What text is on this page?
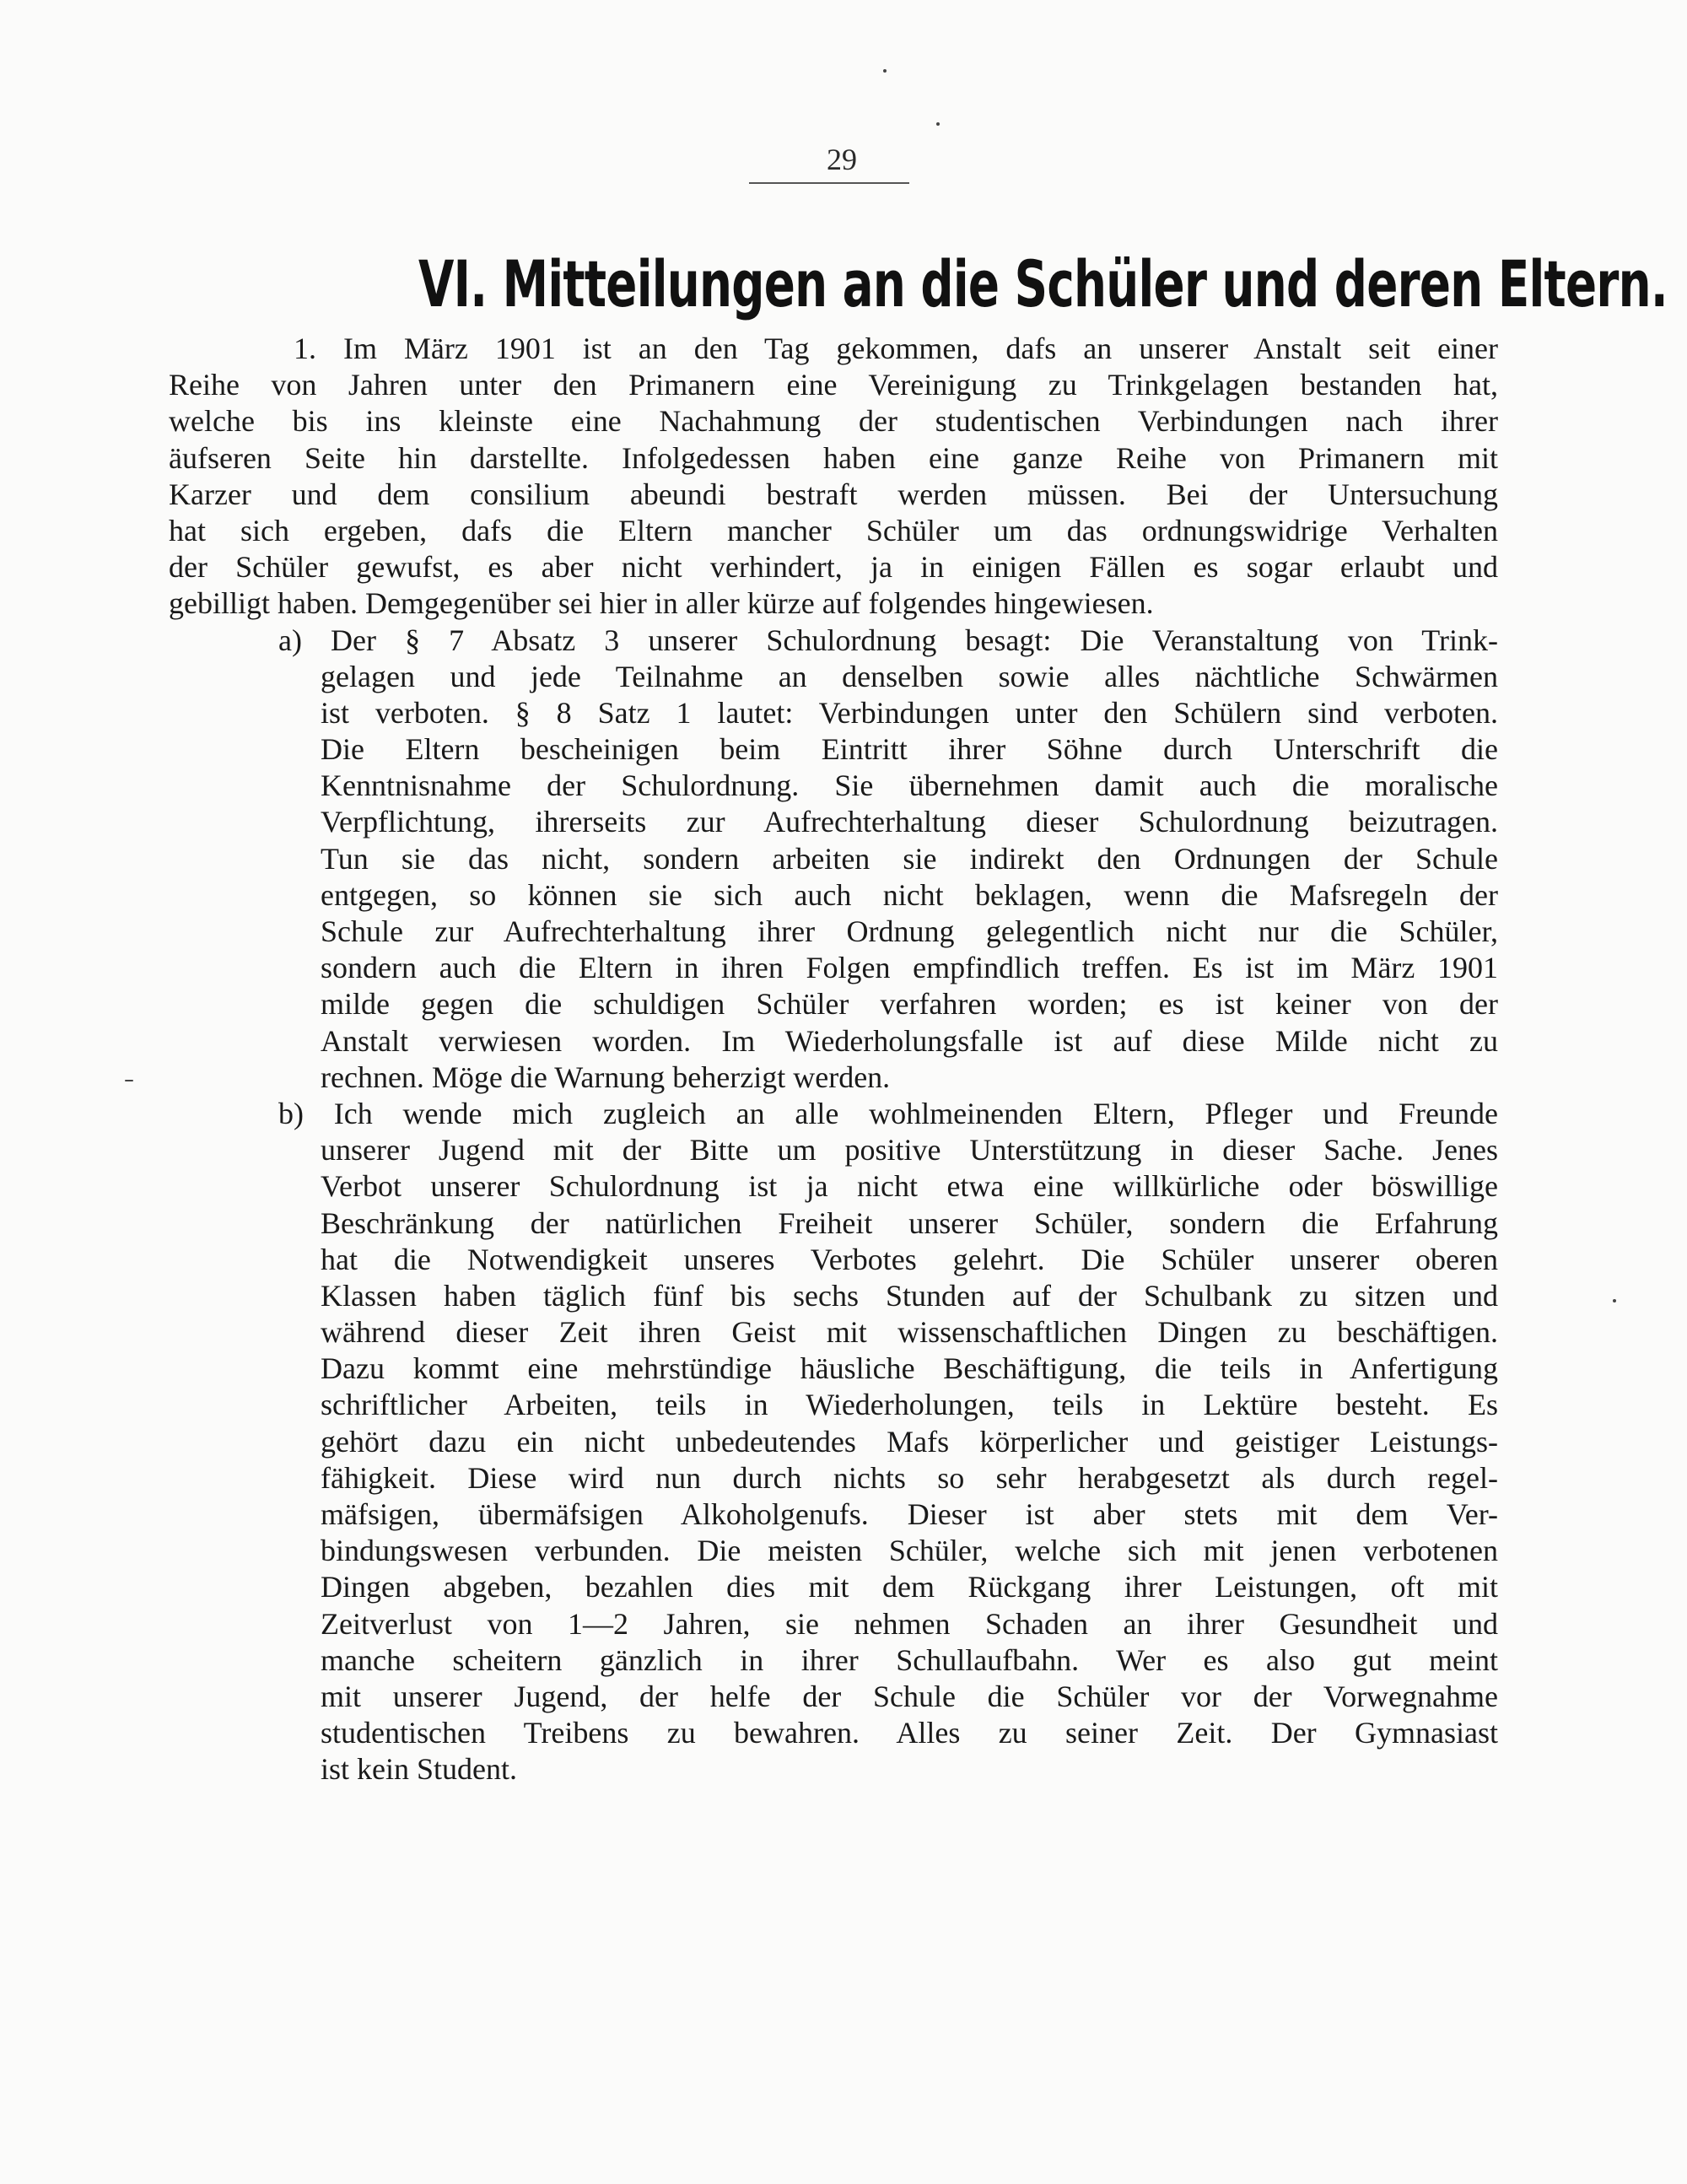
29
VI. Mitteilungen an die Schüler und deren Eltern.
1. Im März 1901 ist an den Tag gekommen, dafs an unserer Anstalt seit einer
Reihe von Jahren unter den Primanern eine Vereinigung zu Trinkgelagen bestanden hat,
welche bis ins kleinste eine Nachahmung der studentischen Verbindungen nach ihrer
äufseren Seite hin darstellte. Infolgedessen haben eine ganze Reihe von Primanern mit
Karzer und dem consilium abeundi bestraft werden müssen. Bei der Untersuchung
hat sich ergeben, dafs die Eltern mancher Schüler um das ordnungswidrige Verhalten
der Schüler gewufst, es aber nicht verhindert, ja in einigen Fällen es sogar erlaubt und
gebilligt haben. Demgegenüber sei hier in aller kürze auf folgendes hingewiesen.
a) Der § 7 Absatz 3 unserer Schulordnung besagt: Die Veranstaltung von Trink-
gelagen und jede Teilnahme an denselben sowie alles nächtliche Schwärmen
ist verboten. § 8 Satz 1 lautet: Verbindungen unter den Schülern sind verboten.
Die Eltern bescheinigen beim Eintritt ihrer Söhne durch Unterschrift die
Kenntnisnahme der Schulordnung. Sie übernehmen damit auch die moralische
Verpflichtung, ihrerseits zur Aufrechterhaltung dieser Schulordnung beizutragen.
Tun sie das nicht, sondern arbeiten sie indirekt den Ordnungen der Schule
entgegen, so können sie sich auch nicht beklagen, wenn die Mafsregeln der
Schule zur Aufrechterhaltung ihrer Ordnung gelegentlich nicht nur die Schüler,
sondern auch die Eltern in ihren Folgen empfindlich treffen. Es ist im März 1901
milde gegen die schuldigen Schüler verfahren worden; es ist keiner von der
Anstalt verwiesen worden. Im Wiederholungsfalle ist auf diese Milde nicht zu
rechnen. Möge die Warnung beherzigt werden.
b) Ich wende mich zugleich an alle wohlmeinenden Eltern, Pfleger und Freunde
unserer Jugend mit der Bitte um positive Unterstützung in dieser Sache. Jenes
Verbot unserer Schulordnung ist ja nicht etwa eine willkürliche oder böswillige
Beschränkung der natürlichen Freiheit unserer Schüler, sondern die Erfahrung
hat die Notwendigkeit unseres Verbotes gelehrt. Die Schüler unserer oberen
Klassen haben täglich fünf bis sechs Stunden auf der Schulbank zu sitzen und
während dieser Zeit ihren Geist mit wissenschaftlichen Dingen zu beschäftigen.
Dazu kommt eine mehrstündige häusliche Beschäftigung, die teils in Anfertigung
schriftlicher Arbeiten, teils in Wiederholungen, teils in Lektüre besteht. Es
gehört dazu ein nicht unbedeutendes Mafs körperlicher und geistiger Leistungs-
fähigkeit. Diese wird nun durch nichts so sehr herabgesetzt als durch regel-
mäfsigen, übermäfsigen Alkoholgenufs. Dieser ist aber stets mit dem Ver-
bindungswesen verbunden. Die meisten Schüler, welche sich mit jenen verbotenen
Dingen abgeben, bezahlen dies mit dem Rückgang ihrer Leistungen, oft mit
Zeitverlust von 1—2 Jahren, sie nehmen Schaden an ihrer Gesundheit und
manche scheitern gänzlich in ihrer Schullaufbahn. Wer es also gut meint
mit unserer Jugend, der helfe der Schule die Schüler vor der Vorwegnahme
studentischen Treibens zu bewahren. Alles zu seiner Zeit. Der Gymnasiast
ist kein Student.
